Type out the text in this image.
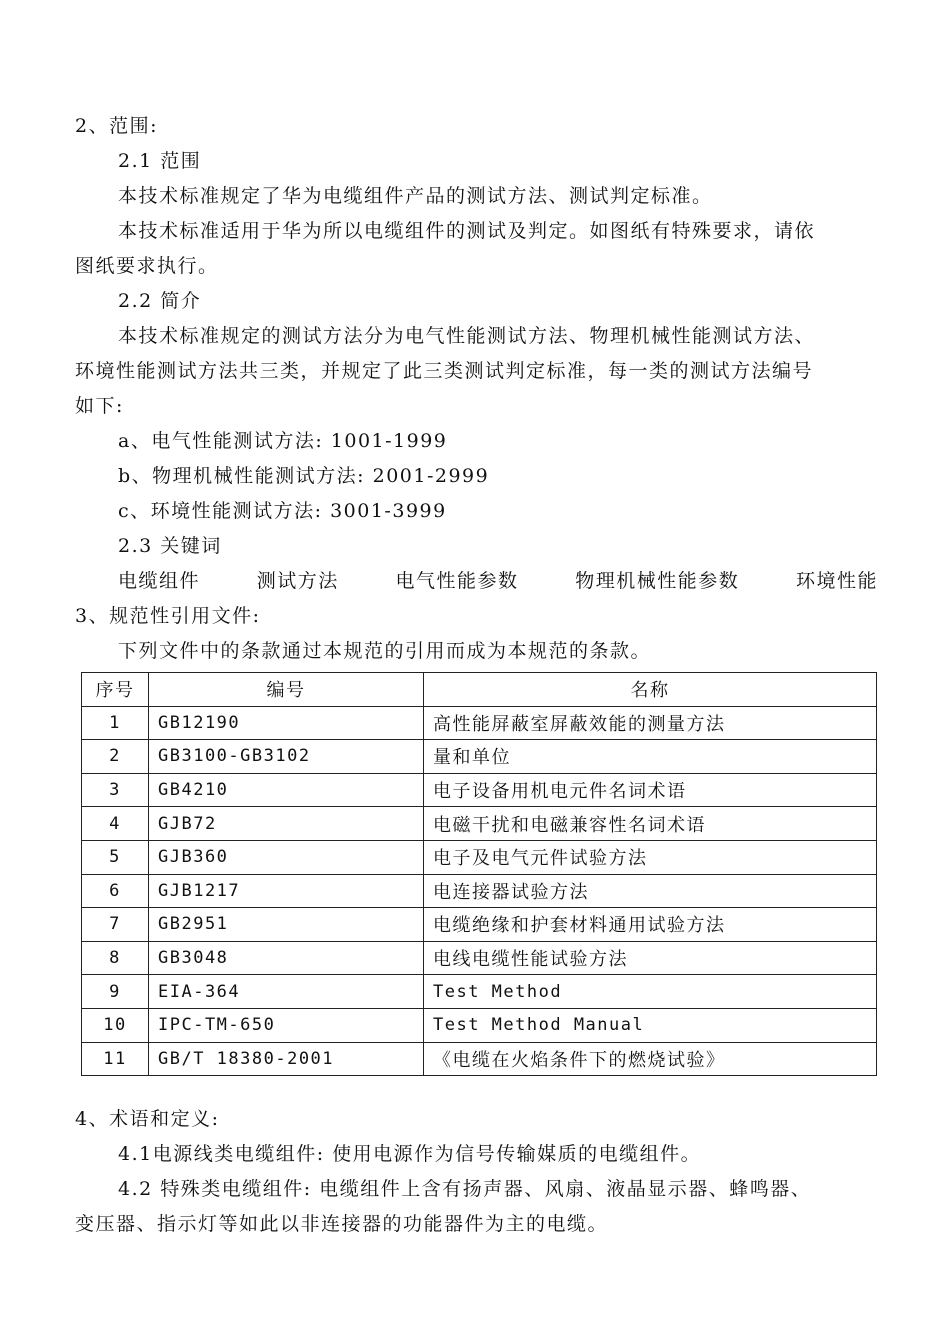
2、范围:
2.1 范围
本技术标准规定了华为电缆组件产品的测试方法、测试判定标准。
本技术标准适用于华为所以电缆组件的测试及判定。如图纸有特殊要求，请依
图纸要求执行。
2.2 简介
本技术标准规定的测试方法分为电气性能测试方法、物理机械性能测试方法、
环境性能测试方法共三类，并规定了此三类测试判定标准，每一类的测试方法编号
如下:
a、电气性能测试方法: 1001-1999
b、物理机械性能测试方法: 2001-2999
c、环境性能测试方法: 3001-3999
2.3 关键词
电缆组件	测试方法	电气性能参数	物理机械性能参数	环境性能
3、规范性引用文件:
下列文件中的条款通过本规范的引用而成为本规范的条款。
序号	编号	名称
1	GB12190	高性能屏蔽室屏蔽效能的测量方法
2	GB3100-GB3102	量和单位
3	GB4210	电子设备用机电元件名词术语
4	GJB72	电磁干扰和电磁兼容性名词术语
5	GJB360	电子及电气元件试验方法
6	GJB1217	电连接器试验方法
7	GB2951	电缆绝缘和护套材料通用试验方法
8	GB3048	电线电缆性能试验方法
9	EIA-364	Test Method
10	IPC-TM-650	Test Method Manual
11	GB/T 18380-2001	《电缆在火焰条件下的燃烧试验》
4、术语和定义:
4.1电源线类电缆组件: 使用电源作为信号传输媒质的电缆组件。
4.2 特殊类电缆组件: 电缆组件上含有扬声器、风扇、液晶显示器、蜂鸣器、
变压器、指示灯等如此以非连接器的功能器件为主的电缆。
